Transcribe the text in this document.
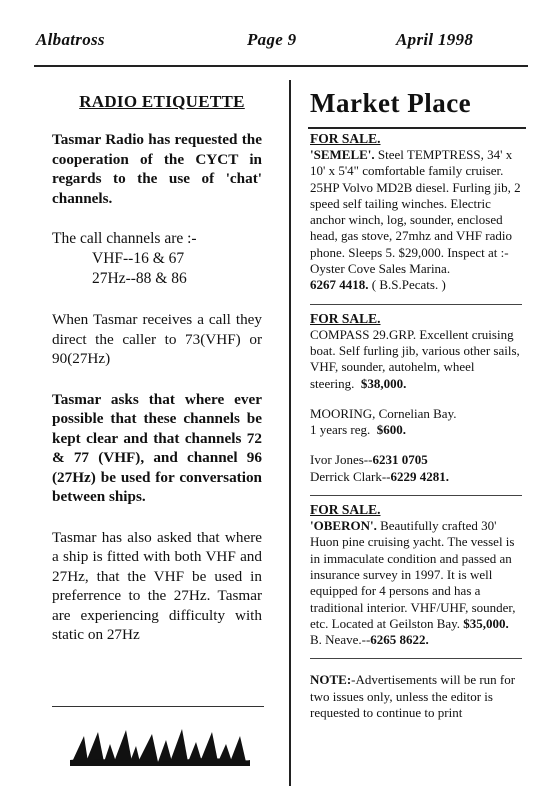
Albatross	Page 9	April 1998
RADIO ETIQUETTE

Tasmar Radio has requested the cooperation of the CYCT in regards to the use of 'chat' channels.

The call channels are :-
VHF--16 & 67
27Hz--88 & 86

When Tasmar receives a call they direct the caller to 73(VHF) or 90(27Hz)

Tasmar asks that where ever possible that these channels be kept clear and that channels 72 & 77 (VHF), and channel 96 (27Hz) be used for conversation between ships.

Tasmar has also asked that where a ship is fitted with both VHF and 27Hz, that the VHF be used in preferrence to the 27Hz. Tasmar are experiencing difficulty with static on 27Hz

Market Place
FOR SALE.

'SEMELE'. Steel TEMPTRESS, 34' x 10' x 5'4" comfortable family cruiser. 25HP Volvo MD2B diesel. Furling jib, 2 speed self tailing winches. Electric anchor winch, log, sounder, enclosed head, gas stove, 27mhz and VHF radio phone. Sleeps 5. $29,000. Inspect at :- Oyster Cove Sales Marina.

6267 4418. ( B.S.Pecats. )

FOR SALE.

COMPASS 29.GRP. Excellent cruising boat. Self furling jib, various other sails, VHF, sounder, autohelm, wheel steering. $38,000.

MOORING, Cornelian Bay.
1 years reg. $600.

Ivor Jones--6231 0705
Derrick Clark--6229 4281.

FOR SALE.

'OBERON'. Beautifully crafted 30' Huon pine cruising yacht. The vessel is in immaculate condition and passed an insurance survey in 1997. It is well equipped for 4 persons and has a traditional interior. VHF/UHF, sounder, etc. Located at Geilston Bay. $35,000.
B. Neave.--6265 8622.

NOTE:-Advertisements will be run for two issues only, unless the editor is requested to continue to print
